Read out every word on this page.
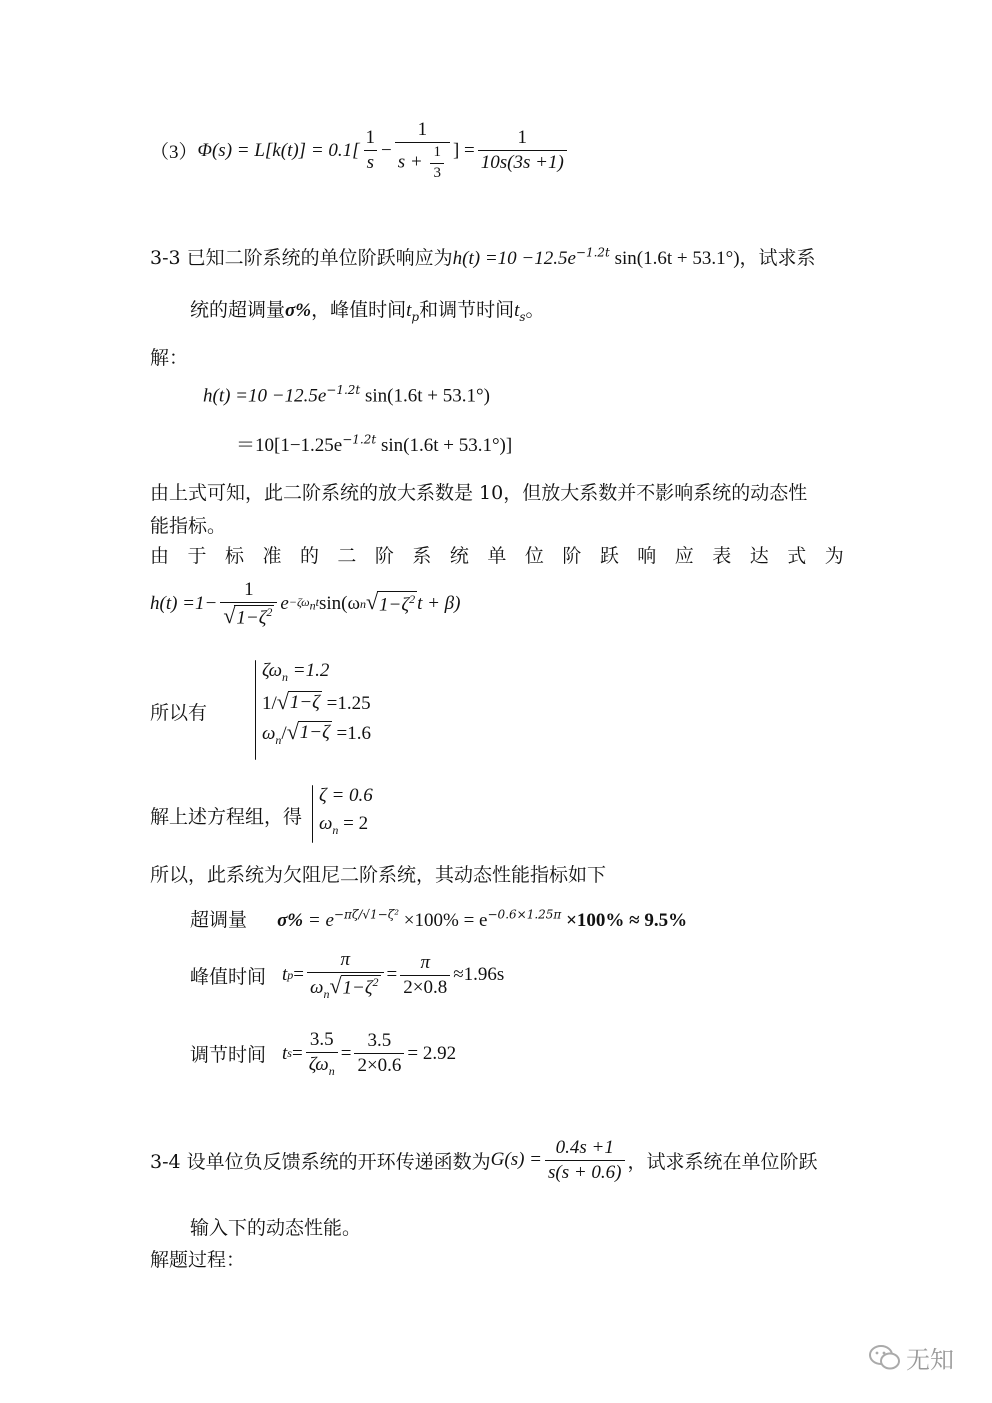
（3） $\Phi(s) = L[k(t)] = 0.1[ \frac{1}{s} - \frac{1}{s + \frac{1}{3}}$ ] = $\frac{1}{10s(3s +1)}$
3-3 已知二阶系统的单位阶跃响应为$h(t) =10 -12.5e^{-1.2t}$ sin(1.6t + 53.1°)，试求系
统的超调量σ%，峰值时间$t_p$和调节时间$t_s$。
解：
$h(t) =10 -12.5e^{-1.2t}$ sin(1.6t + 53.1°)
$=10[1-1.25e^{-1.2t}$ sin(1.6t + 53.1°)]
由上式可知，此二阶系统的放大系数是 10，但放大系数并不影响系统的动态性
能指标。
由 于 标 准 的 二 阶 系 统 单 位 阶 跃 响 应 表 达 式 为
$h(t) =1- \frac{1}{√ 1-\zeta^2}$ $e -\zeta\omega_nt$ sin(ω n √ $1-\zeta^2$ t + β)
所以有
$\zeta\omega_n =1.2$
1/ √ 1−ζ =1.25
$\omega_n/$ √ 1−ζ =1.6
解上述方程组，得
ζ = 0.6
$\omega_n = 2$
所以，此系统为欠阻尼二阶系统，其动态性能指标如下
超调量 $\sigma\% = e^{-\pi\zeta/√1-\zeta^2} \times 100\% = e^{-0.6\times 1.25\pi} \times 100\% \approx 9.5\%$
峰值时间 t $p = \frac{\pi}{\omega_n √ 1-\zeta^2} = \frac{\pi}{2\times 0.8} \approx 1.96s$
调节时间 t $s = \frac{3.5}{\zeta\omega_n} = \frac{3.5}{2\times 0.6} = 2.92$
3-4 设单位负反馈系统的开环传递函数为 $G(s) = \frac{0.4s +1}{s(s + 0.6)}$ ，试求系统在单位阶跃
输入下的动态性能。
解题过程：
无知
